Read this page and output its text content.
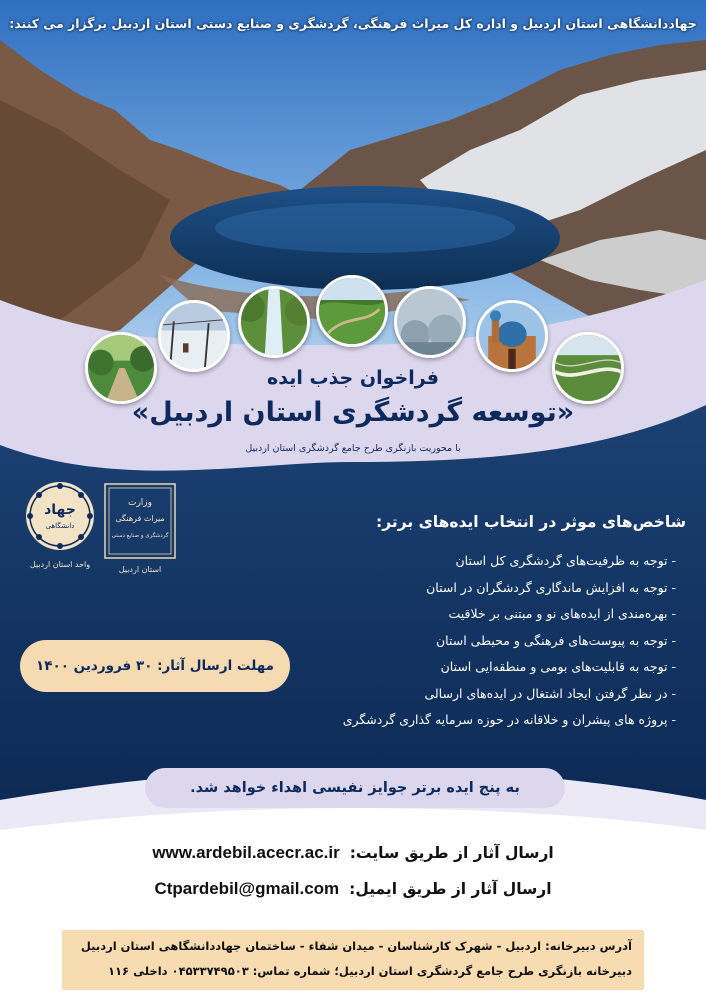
جهاددانشگاهی استان اردبیل و اداره کل میراث فرهنگی، گردشگری و صنایع دستی استان اردبیل برگزار می کنند:
فراخوان جذب ایده
«توسعه گردشگری استان اردبیل»
با محوریت بازنگری طرح جامع گردشگری استان اردبیل
وزارت
میراث فرهنگی
گردشگری و صنایع دستی
استان اردبیل
جهاد
دانشگاهی
واحد استان اردبیل
شاخص‌های موثر در انتخاب ایده‌های برتر:
- توجه به ظرفیت‌های گردشگری کل استان
- توجه به افزایش ماندگاری گردشگران در استان
- بهره‌مندی از ایده‌های نو و مبتنی بر خلاقیت
- توجه به پیوست‌های فرهنگی و محیطی استان
- توجه به قابلیت‌های بومی و منطقه‌ایی استان
- در نظر گرفتن ایجاد اشتغال در ایده‌های ارسالی
- پروژه های پیشران و خلاقانه در حوزه سرمایه گذاری گردشگری
مهلت ارسال آثار: ۳۰ فروردین ۱۴۰۰
به پنج ایده برتر جوایز نفیسی اهداء خواهد شد.
ارسال آثار از طریق سایت:
www.ardebil.acecr.ac.ir
ارسال آثار از طریق ایمیل:
Ctpardebil@gmail.com
آدرس دبیرخانه: اردبیل - شهرک کارشناسان - میدان شفاء - ساختمان جهاددانشگاهی استان اردبیل
دبیرخانه بازنگری طرح جامع گردشگری استان اردبیل؛ شماره تماس: ۰۴۵۳۳۷۴۹۵۰۳ داخلی ۱۱۶
